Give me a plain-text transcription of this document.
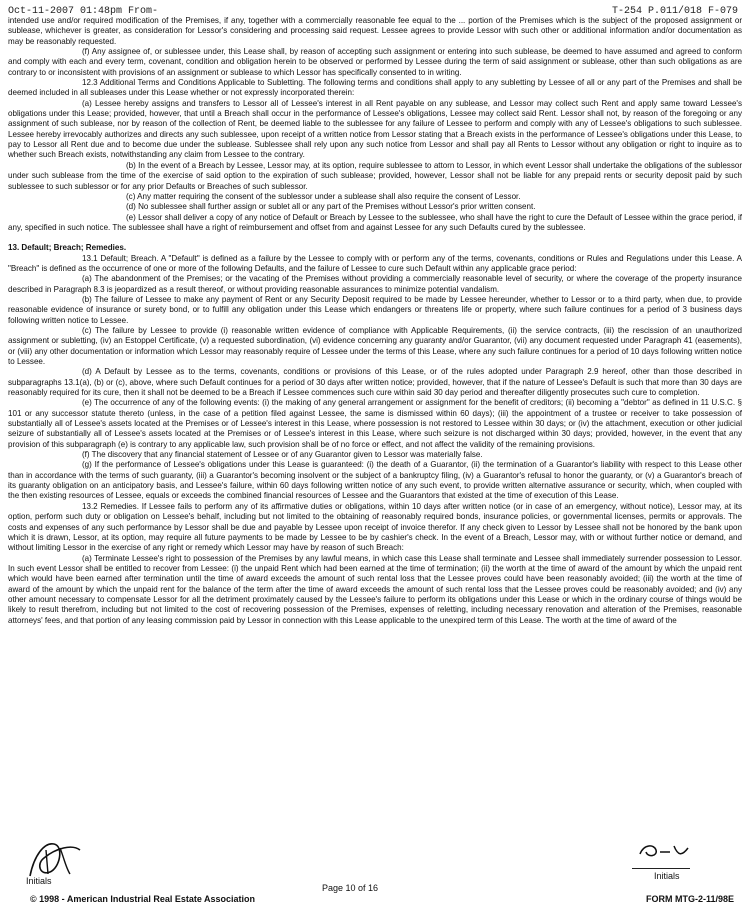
Oct-11-2007 01:48pm From-	T-254 P.011/018 F-079

intended use and/or required modification of the Premises, if any, together with a commercially reasonable fee equal to the ... portion of the Premises which is the subject of the proposed assignment or sublease, whichever is greater, as consideration for Lessor's considering and processing said request. Lessee agrees to provide Lessor with such other or additional information and/or documentation as may be reasonably requested.

(f) Any assignee of, or sublessee under, this Lease shall, by reason of accepting such assignment or entering into such sublease, be deemed to have assumed and agreed to conform and comply with each and every term, covenant, condition and obligation herein to be observed or performed by Lessee during the term of said assignment or sublease, other than such obligations as are contrary to or inconsistent with provisions of an assignment or sublease to which Lessor has specifically consented to in writing.

12.3 Additional Terms and Conditions Applicable to Subletting. The following terms and conditions shall apply to any subletting by Lessee of all or any part of the Premises and shall be deemed included in all subleases under this Lease whether or not expressly incorporated therein:

(a) Lessee hereby assigns and transfers to Lessor all of Lessee's interest in all Rent payable on any sublease, and Lessor may collect such Rent and apply same toward Lessee's obligations under this Lease; provided, however, that until a Breach shall occur in the performance of Lessee's obligations, Lessee may collect said Rent. Lessor shall not, by reason of the foregoing or any assignment of such sublease, nor by reason of the collection of Rent, be deemed liable to the sublessee for any failure of Lessee to perform and comply with any of Lessee's obligations to such sublessee. Lessee hereby irrevocably authorizes and directs any such sublessee, upon receipt of a written notice from Lessor stating that a Breach exists in the performance of Lessee's obligations under this Lease, to pay to Lessor all Rent due and to become due under the sublease. Sublessee shall rely upon any such notice from Lessor and shall pay all Rents to Lessor without any obligation or right to inquire as to whether such Breach exists, notwithstanding any claim from Lessee to the contrary.

(b) In the event of a Breach by Lessee, Lessor may, at its option, require sublessee to attorn to Lessor, in which event Lessor shall undertake the obligations of the sublessor under such sublease from the time of the exercise of said option to the expiration of such sublease; provided, however, Lessor shall not be liable for any prepaid rents or security deposit paid by such sublessee to such sublessor or for any prior Defaults or Breaches of such sublessor.

(c) Any matter requiring the consent of the sublessor under a sublease shall also require the consent of Lessor.

(d) No sublessee shall further assign or sublet all or any part of the Premises without Lessor's prior written consent.

(e) Lessor shall deliver a copy of any notice of Default or Breach by Lessee to the sublessee, who shall have the right to cure the Default of Lessee within the grace period, if any, specified in such notice. The sublessee shall have a right of reimbursement and offset from and against Lessee for any such Defaults cured by the sublessee.

13. Default; Breach; Remedies.

13.1 Default; Breach. A "Default" is defined as a failure by the Lessee to comply with or perform any of the terms, covenants, conditions or Rules and Regulations under this Lease. A "Breach" is defined as the occurrence of one or more of the following Defaults, and the failure of Lessee to cure such Default within any applicable grace period:

(a) The abandonment of the Premises; or the vacating of the Premises without providing a commercially reasonable level of security, or where the coverage of the property insurance described in Paragraph 8.3 is jeopardized as a result thereof, or without providing reasonable assurances to minimize potential vandalism.

(b) The failure of Lessee to make any payment of Rent or any Security Deposit required to be made by Lessee hereunder, whether to Lessor or to a third party, when due, to provide reasonable evidence of insurance or surety bond, or to fulfill any obligation under this Lease which endangers or threatens life or property, where such failure continues for a period of 3 business days following written notice to Lessee.

(c) The failure by Lessee to provide (i) reasonable written evidence of compliance with Applicable Requirements, (ii) the service contracts, (iii) the rescission of an unauthorized assignment or subletting, (iv) an Estoppel Certificate, (v) a requested subordination, (vi) evidence concerning any guaranty and/or Guarantor, (vii) any document requested under Paragraph 41 (easements), or (viii) any other documentation or information which Lessor may reasonably require of Lessee under the terms of this Lease, where any such failure continues for a period of 10 days following written notice to Lessee.

(d) A Default by Lessee as to the terms, covenants, conditions or provisions of this Lease, or of the rules adopted under Paragraph 2.9 hereof, other than those described in subparagraphs 13.1(a), (b) or (c), above, where such Default continues for a period of 30 days after written notice; provided, however, that if the nature of Lessee's Default is such that more than 30 days are reasonably required for its cure, then it shall not be deemed to be a Breach if Lessee commences such cure within said 30 day period and thereafter diligently prosecutes such cure to completion.

(e) The occurrence of any of the following events: (i) the making of any general arrangement or assignment for the benefit of creditors; (ii) becoming a "debtor" as defined in 11 U.S.C. § 101 or any successor statute thereto (unless, in the case of a petition filed against Lessee, the same is dismissed within 60 days); (iii) the appointment of a trustee or receiver to take possession of substantially all of Lessee's assets located at the Premises or of Lessee's interest in this Lease, where possession is not restored to Lessee within 30 days; or (iv) the attachment, execution or other judicial seizure of substantially all of Lessee's assets located at the Premises or of Lessee's interest in this Lease, where such seizure is not discharged within 30 days; provided, however, in the event that any provision of this subparagraph (e) is contrary to any applicable law, such provision shall be of no force or effect, and not affect the validity of the remaining provisions.

(f) The discovery that any financial statement of Lessee or of any Guarantor given to Lessor was materially false.

(g) If the performance of Lessee's obligations under this Lease is guaranteed: (i) the death of a Guarantor, (ii) the termination of a Guarantor's liability with respect to this Lease other than in accordance with the terms of such guaranty, (iii) a Guarantor's becoming insolvent or the subject of a bankruptcy filing, (iv) a Guarantor's refusal to honor the guaranty, or (v) a Guarantor's breach of its guaranty obligation on an anticipatory basis, and Lessee's failure, within 60 days following written notice of any such event, to provide written alternative assurance or security, which, when coupled with the then existing resources of Lessee, equals or exceeds the combined financial resources of Lessee and the Guarantors that existed at the time of execution of this Lease.

13.2 Remedies. If Lessee fails to perform any of its affirmative duties or obligations, within 10 days after written notice (or in case of an emergency, without notice), Lessor may, at its option, perform such duty or obligation on Lessee's behalf, including but not limited to the obtaining of reasonably required bonds, insurance policies, or governmental licenses, permits or approvals. The costs and expenses of any such performance by Lessor shall be due and payable by Lessee upon receipt of invoice therefor. If any check given to Lessor by Lessee shall not be honored by the bank upon which it is drawn, Lessor, at its option, may require all future payments to be made by Lessee to be by cashier's check. In the event of a Breach, Lessor may, with or without further notice or demand, and without limiting Lessor in the exercise of any right or remedy which Lessor may have by reason of such Breach:

(a) Terminate Lessee's right to possession of the Premises by any lawful means, in which case this Lease shall terminate and Lessee shall immediately surrender possession to Lessor. In such event Lessor shall be entitled to recover from Lessee: (i) the unpaid Rent which had been earned at the time of termination; (ii) the worth at the time of award of the amount by which the unpaid rent which would have been earned after termination until the time of award exceeds the amount of such rental loss that the Lessee proves could have been reasonably avoided; (iii) the worth at the time of award of the amount by which the unpaid rent for the balance of the term after the time of award exceeds the amount of such rental loss that the Lessee proves could be reasonably avoided; and (iv) any other amount necessary to compensate Lessor for all the detriment proximately caused by the Lessee's failure to perform its obligations under this Lease or which in the ordinary course of things would be likely to result therefrom, including but not limited to the cost of recovering possession of the Premises, expenses of reletting, including necessary renovation and alteration of the Premises, reasonable attorneys' fees, and that portion of any leasing commission paid by Lessor in connection with this Lease applicable to the unexpired term of this Lease. The worth at the time of award of the

Initials	Initials
Page 10 of 16
© 1998 - American Industrial Real Estate Association	FORM MTG-2-11/98E
